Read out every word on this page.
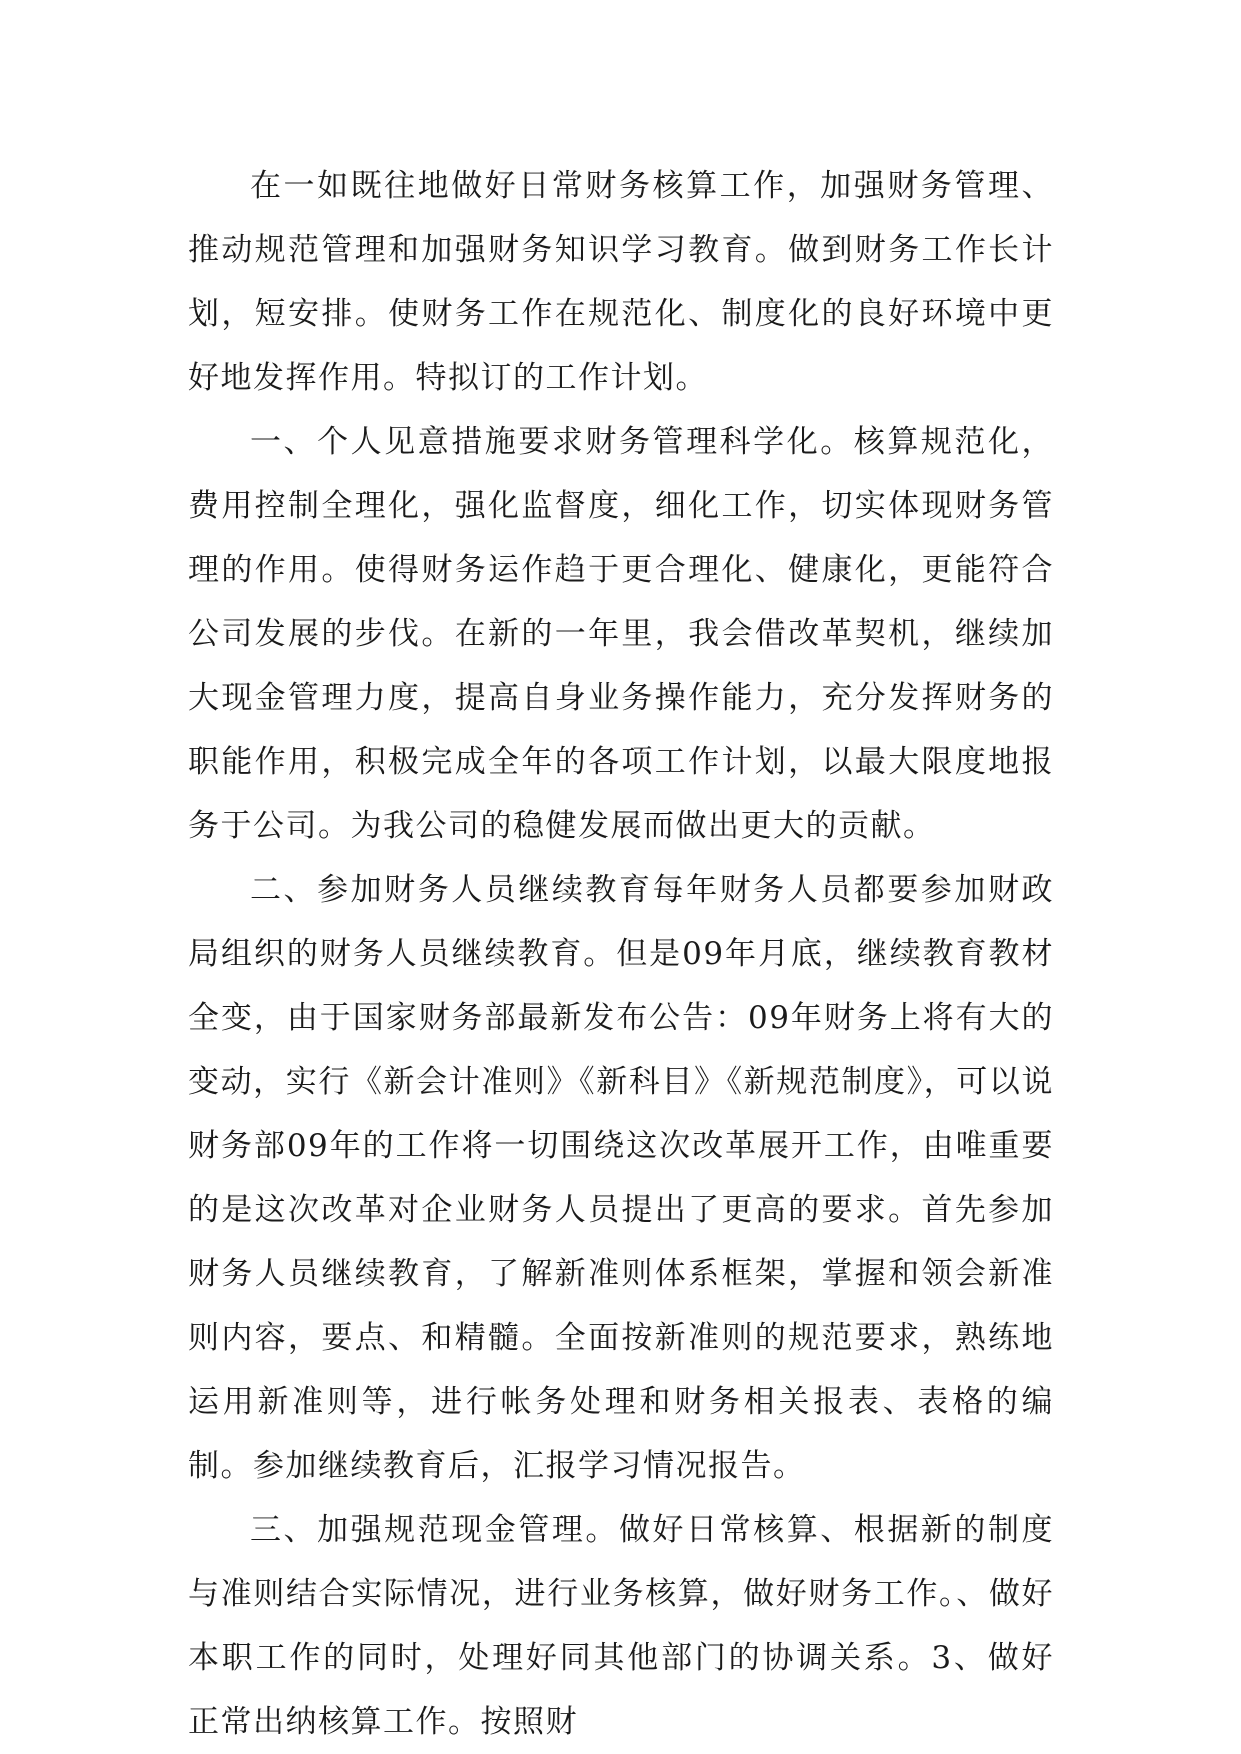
在一如既往地做好日常财务核算工作，加强财务管理、推动规范管理和加强财务知识学习教育。做到财务工作长计划，短安排。使财务工作在规范化、制度化的良好环境中更好地发挥作用。特拟订的工作计划。

一、个人见意措施要求财务管理科学化。核算规范化，费用控制全理化，强化监督度，细化工作，切实体现财务管理的作用。使得财务运作趋于更合理化、健康化，更能符合公司发展的步伐。在新的一年里，我会借改革契机，继续加大现金管理力度，提高自身业务操作能力，充分发挥财务的职能作用，积极完成全年的各项工作计划，以最大限度地报务于公司。为我公司的稳健发展而做出更大的贡献。

二、参加财务人员继续教育每年财务人员都要参加财政局组织的财务人员继续教育。但是09年月底，继续教育教材全变，由于国家财务部最新发布公告：09年财务上将有大的变动，实行《新会计准则》《新科目》《新规范制度》，可以说财务部09年的工作将一切围绕这次改革展开工作，由唯重要的是这次改革对企业财务人员提出了更高的要求。首先参加财务人员继续教育，了解新准则体系框架，掌握和领会新准则内容，要点、和精髓。全面按新准则的规范要求，熟练地运用新准则等，进行帐务处理和财务相关报表、表格的编制。参加继续教育后，汇报学习情况报告。

三、加强规范现金管理。做好日常核算、根据新的制度与准则结合实际情况，进行业务核算，做好财务工作。、做好本职工作的同时，处理好同其他部门的协调关系。3、做好正常出纳核算工作。按照财
